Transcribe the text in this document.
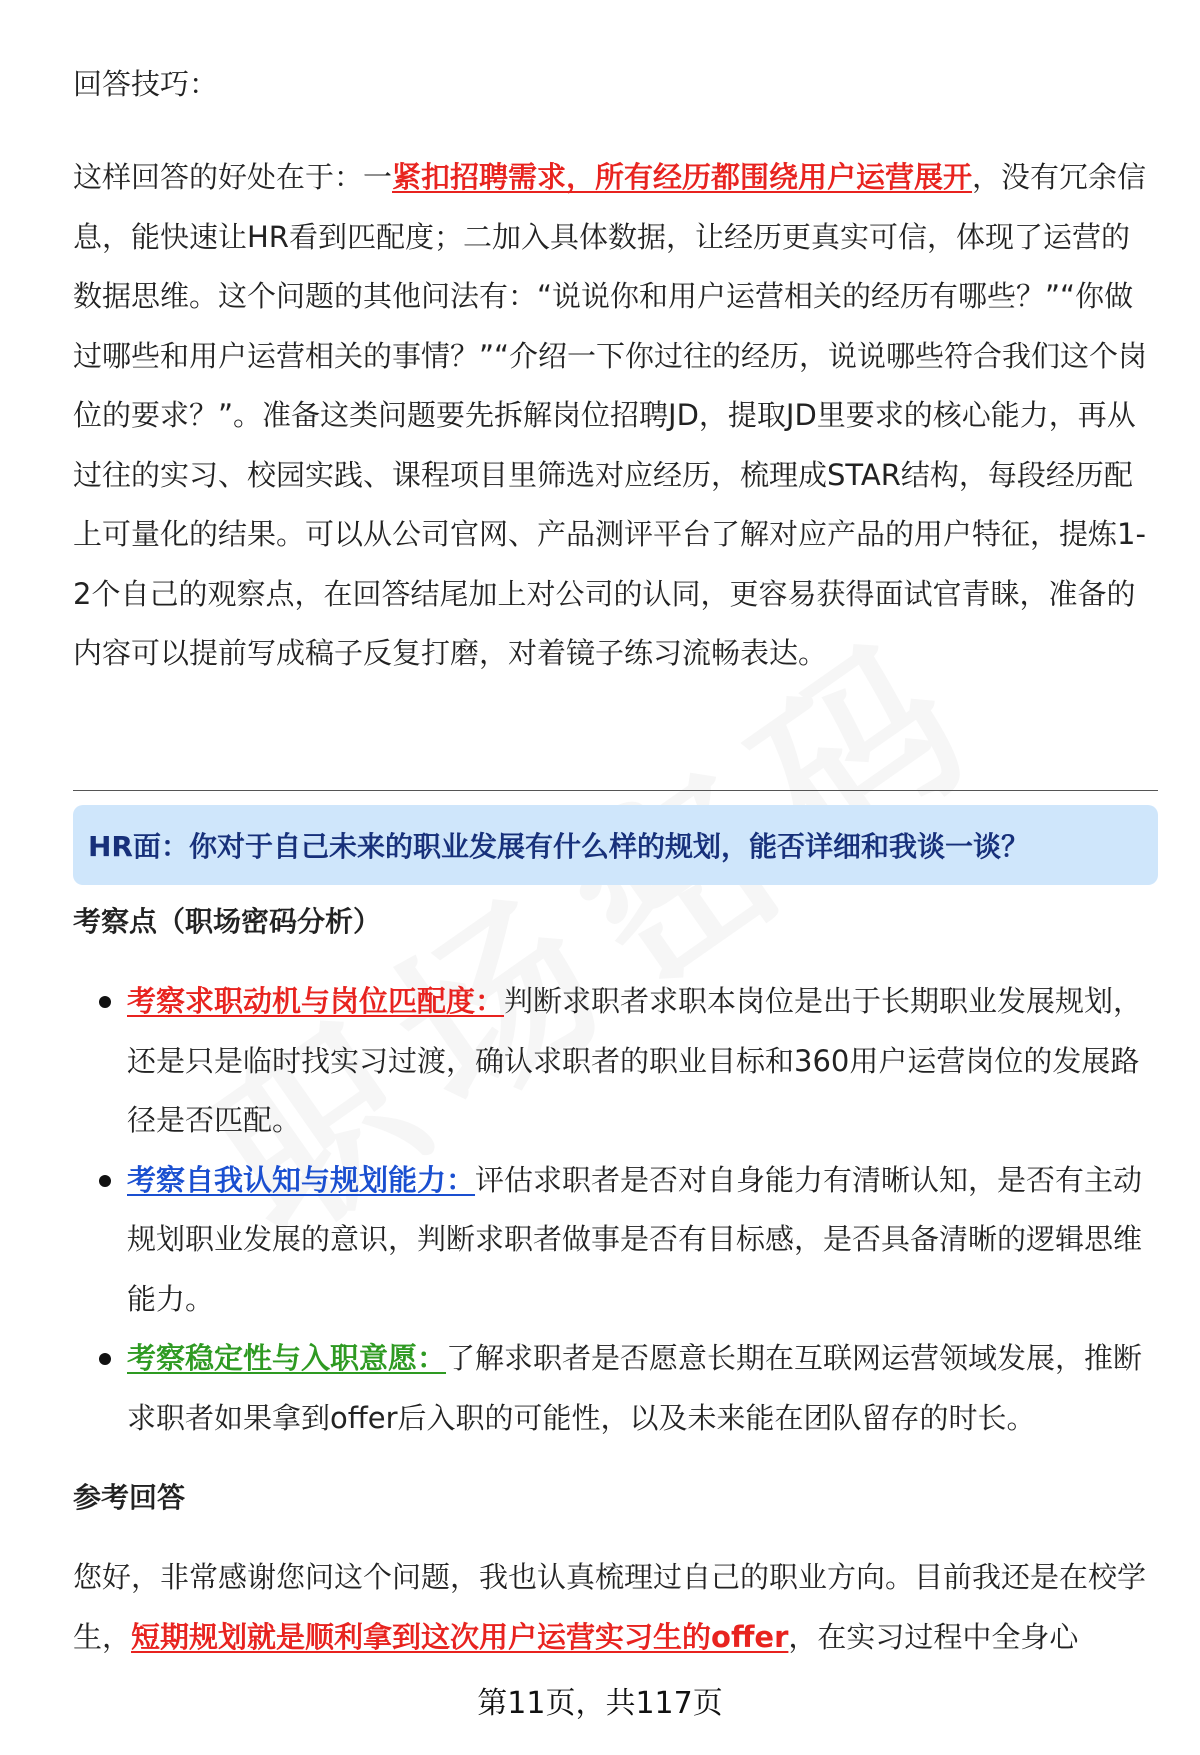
回答技巧：

这样回答的好处在于：一紧扣招聘需求，所有经历都围绕用户运营展开，没有冗余信息，能快速让HR看到匹配度；二加入具体数据，让经历更真实可信，体现了运营的数据思维。这个问题的其他问法有：“说说你和用户运营相关的经历有哪些？”“你做过哪些和用户运营相关的事情？”“介绍一下你过往的经历，说说哪些符合我们这个岗位的要求？”。准备这类问题要先拆解岗位招聘JD，提取JD里要求的核心能力，再从过往的实习、校园实践、课程项目里筛选对应经历，梳理成STAR结构，每段经历配上可量化的结果。可以从公司官网、产品测评平台了解对应产品的用户特征，提炼1-2个自己的观察点，在回答结尾加上对公司的认同，更容易获得面试官青睐，准备的内容可以提前写成稿子反复打磨，对着镜子练习流畅表达。

HR面：你对于自己未来的职业发展有什么样的规划，能否详细和我谈一谈？
考察点（职场密码分析）
考察求职动机与岗位匹配度：判断求职者求职本岗位是出于长期职业发展规划，还是只是临时找实习过渡，确认求职者的职业目标和360用户运营岗位的发展路径是否匹配。
考察自我认知与规划能力：评估求职者是否对自身能力有清晰认知，是否有主动规划职业发展的意识，判断求职者做事是否有目标感，是否具备清晰的逻辑思维能力。
考察稳定性与入职意愿：了解求职者是否愿意长期在互联网运营领域发展，推断求职者如果拿到offer后入职的可能性，以及未来能在团队留存的时长。
参考回答

您好，非常感谢您问这个问题，我也认真梳理过自己的职业方向。目前我还是在校学生，短期规划就是顺利拿到这次用户运营实习生的offer，在实习过程中全身心

第11页，共117页
